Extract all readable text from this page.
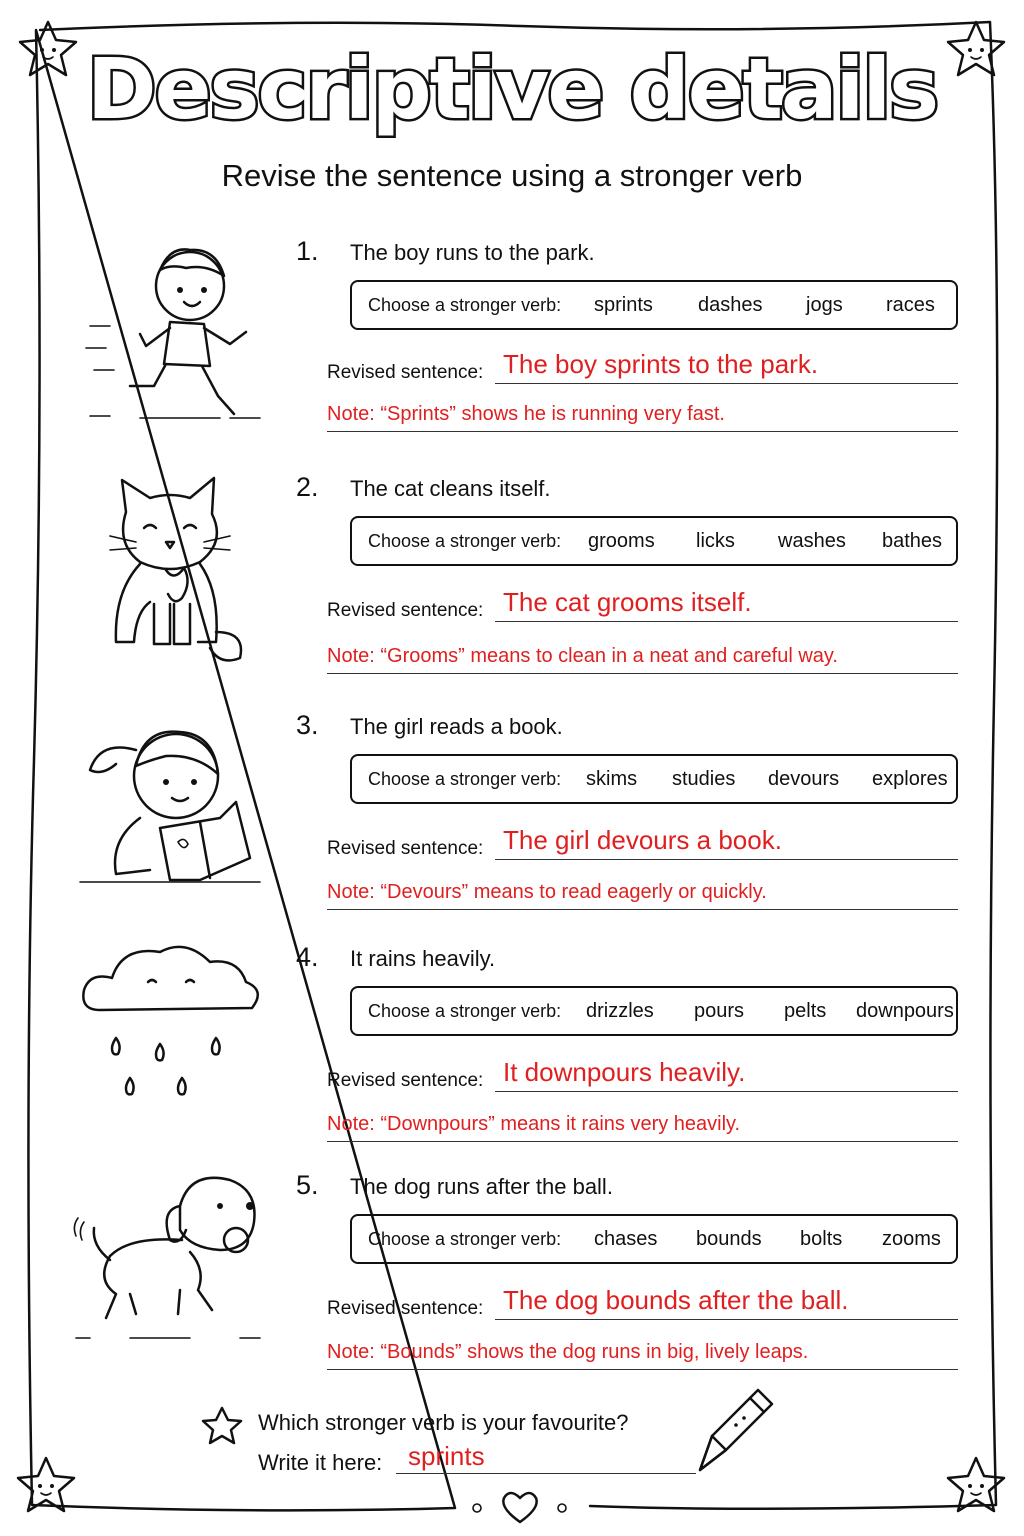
Descriptive details
Revise the sentence using a stronger verb
1. The boy runs to the park.
Choose a stronger verb: sprints dashes jogs races
Revised sentence: The boy sprints to the park.
Note: “Sprints” shows he is running very fast.
2. The cat cleans itself.
Choose a stronger verb: grooms licks washes bathes
Revised sentence: The cat grooms itself.
Note: “Grooms” means to clean in a neat and careful way.
3. The girl reads a book.
Choose a stronger verb: skims studies devours explores
Revised sentence: The girl devours a book.
Note: “Devours” means to read eagerly or quickly.
4. It rains heavily.
Choose a stronger verb: drizzles pours pelts downpours
Revised sentence: It downpours heavily.
Note: “Downpours” means it rains very heavily.
5. The dog runs after the ball.
Choose a stronger verb: chases bounds bolts zooms
Revised sentence: The dog bounds after the ball.
Note: “Bounds” shows the dog runs in big, lively leaps.
Which stronger verb is your favourite?
Write it here: sprints
